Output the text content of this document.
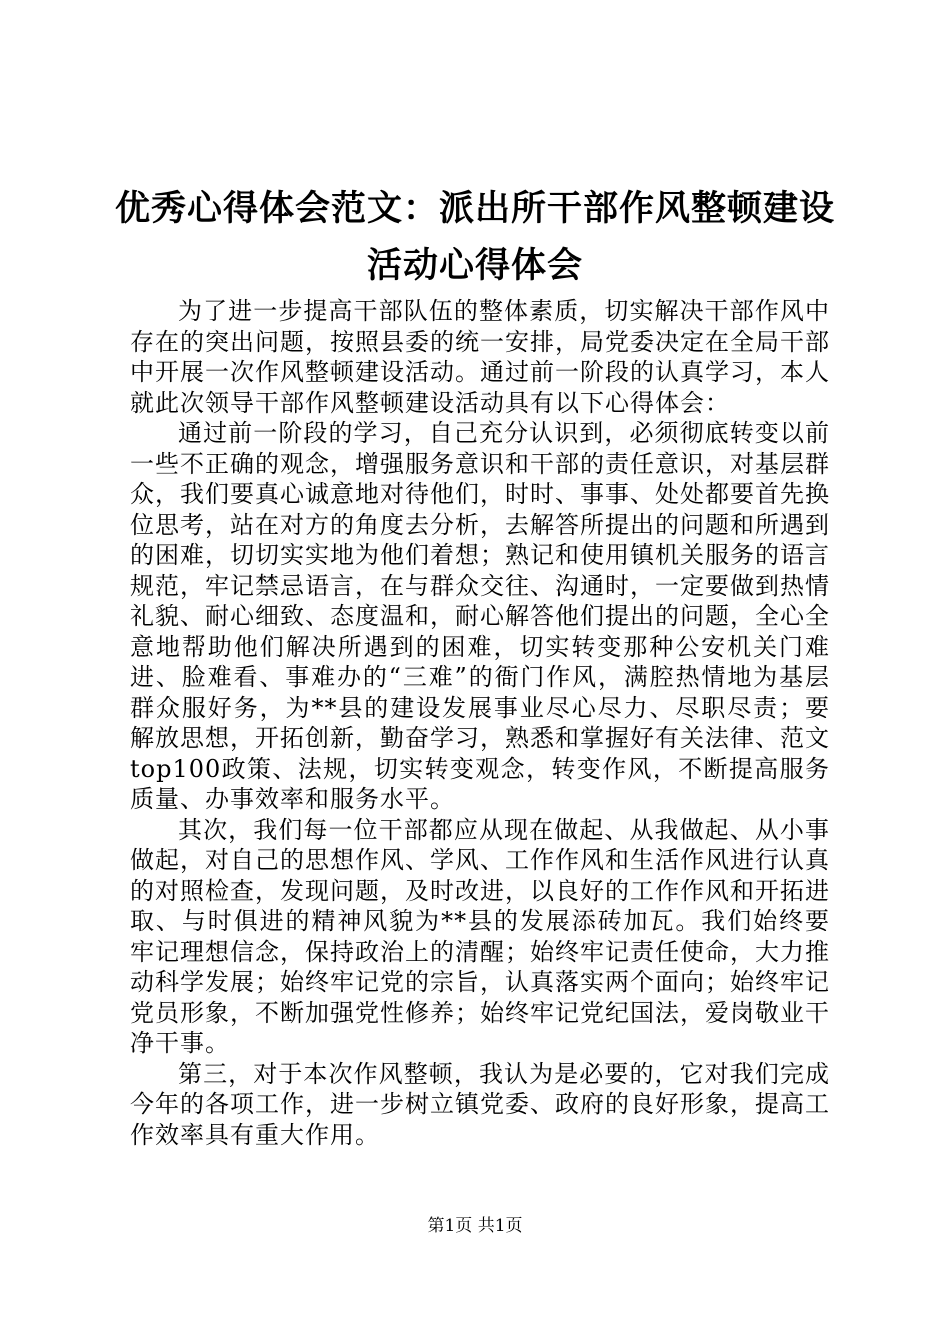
优秀心得体会范文：派出所干部作风整顿建设
活动心得体会

为了进一步提高干部队伍的整体素质，切实解决干部作风中存在的突出问题，按照县委的统一安排，局党委决定在全局干部中开展一次作风整顿建设活动。通过前一阶段的认真学习，本人就此次领导干部作风整顿建设活动具有以下心得体会：

通过前一阶段的学习，自己充分认识到，必须彻底转变以前一些不正确的观念，增强服务意识和干部的责任意识，对基层群众，我们要真心诚意地对待他们，时时、事事、处处都要首先换位思考，站在对方的角度去分析，去解答所提出的问题和所遇到的困难，切切实实地为他们着想；熟记和使用镇机关服务的语言规范，牢记禁忌语言，在与群众交往、沟通时，一定要做到热情礼貌、耐心细致、态度温和，耐心解答他们提出的问题，全心全意地帮助他们解决所遇到的困难，切实转变那种公安机关门难进、脸难看、事难办的“三难”的衙门作风，满腔热情地为基层群众服好务，为**县的建设发展事业尽心尽力、尽职尽责；要解放思想，开拓创新，勤奋学习，熟悉和掌握好有关法律、范文top100政策、法规，切实转变观念，转变作风，不断提高服务质量、办事效率和服务水平。

其次，我们每一位干部都应从现在做起、从我做起、从小事做起，对自己的思想作风、学风、工作作风和生活作风进行认真的对照检查，发现问题，及时改进，以良好的工作作风和开拓进取、与时俱进的精神风貌为**县的发展添砖加瓦。我们始终要牢记理想信念，保持政治上的清醒；始终牢记责任使命，大力推动科学发展；始终牢记党的宗旨，认真落实两个面向；始终牢记党员形象，不断加强党性修养；始终牢记党纪国法，爱岗敬业干净干事。

第三，对于本次作风整顿，我认为是必要的，它对我们完成今年的各项工作，进一步树立镇党委、政府的良好形象，提高工作效率具有重大作用。

第1页 共1页
